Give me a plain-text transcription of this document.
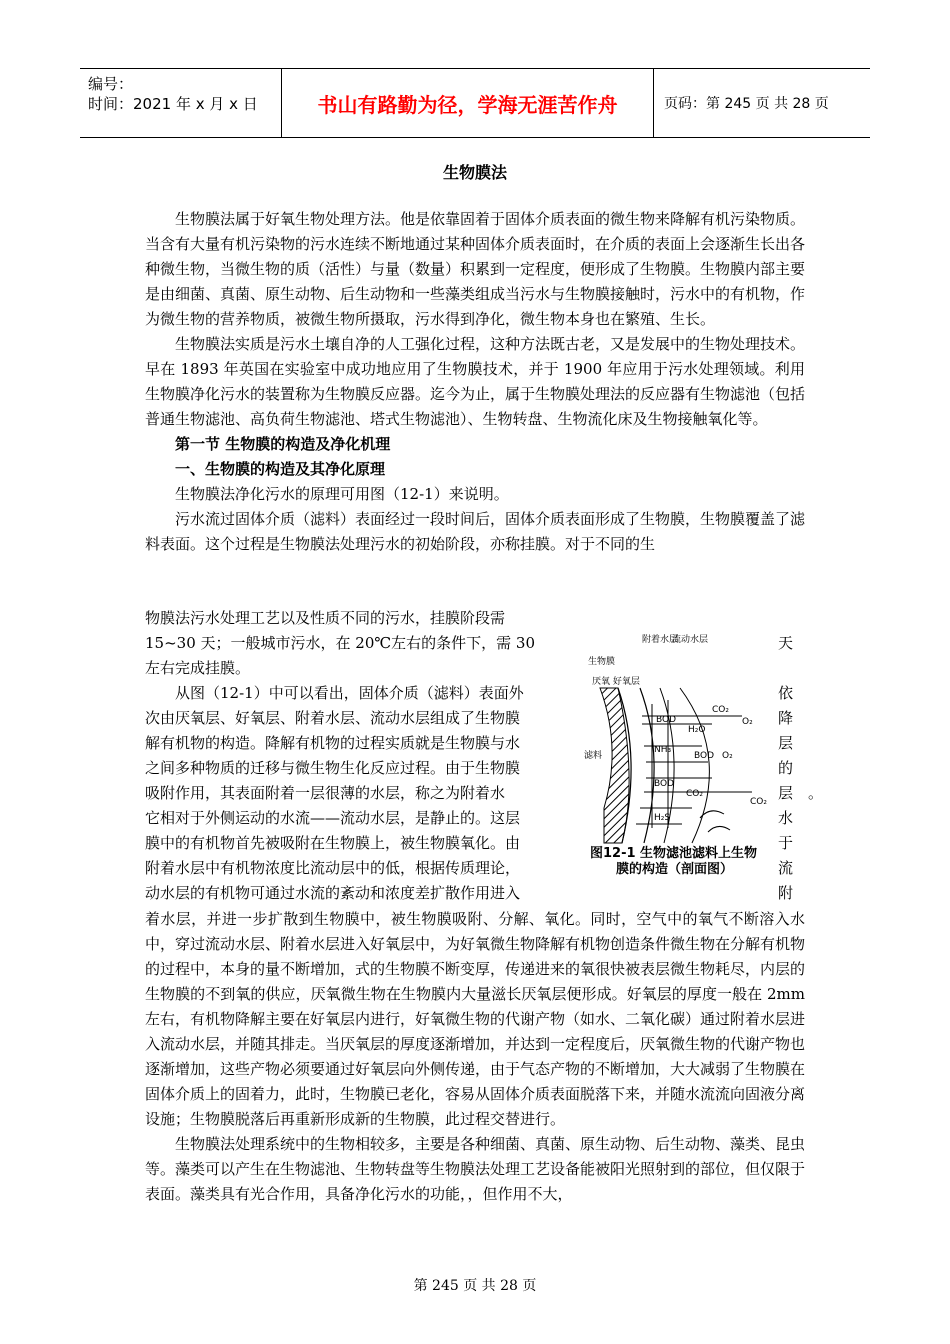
编号：
时间：2021 年 x 月 x 日	书山有路勤为径，学海无涯苦作舟	页码：第 245 页 共 28 页
生物膜法

生物膜法属于好氧生物处理方法。他是依靠固着于固体介质表面的微生物来降解有机污染物质。当含有大量有机污染物的污水连续不断地通过某种固体介质表面时，在介质的表面上会逐渐生长出各种微生物，当微生物的质（活性）与量（数量）积累到一定程度，便形成了生物膜。生物膜内部主要是由细菌、真菌、原生动物、后生动物和一些藻类组成当污水与生物膜接触时，污水中的有机物，作为微生物的营养物质，被微生物所摄取，污水得到净化，微生物本身也在繁殖、生长。

生物膜法实质是污水土壤自净的人工强化过程，这种方法既古老，又是发展中的生物处理技术。早在 1893 年英国在实验室中成功地应用了生物膜技术，并于 1900 年应用于污水处理领域。利用生物膜净化污水的装置称为生物膜反应器。迄今为止，属于生物膜处理法的反应器有生物滤池（包括普通生物滤池、高负荷生物滤池、塔式生物滤池）、生物转盘、生物流化床及生物接触氧化等。

第一节 生物膜的构造及净化机理

一、生物膜的构造及其净化原理

生物膜法净化污水的原理可用图（12-1）来说明。

污水流过固体介质（滤料）表面经过一段时间后，固体介质表面形成了生物膜，生物膜覆盖了滤料表面。这个过程是生物膜法处理污水的初始阶段，亦称挂膜。对于不同的生

物膜法污水处理工艺以及性质不同的污水，挂膜阶段需
15~30 天；一般城市污水，在 20℃左右的条件下，需 30	天
左右完成挂膜。
从图（12-1）中可以看出，固体介质（滤料）表面外	依
次由厌氧层、好氧层、附着水层、流动水层组成了生物膜	降
解有机物的构造。降解有机物的过程实质就是生物膜与水	层
之间多种物质的迁移与微生物生化反应过程。由于生物膜	的
吸附作用，其表面附着一层很薄的水层，称之为附着水	层 。
它相对于外侧运动的水流——流动水层，是静止的。这层	水
膜中的有机物首先被吸附在生物膜上，被生物膜氧化。由	于
附着水层中有机物浓度比流动层中的低，根据传质理论，	流
动水层的有机物可通过水流的紊动和浓度差扩散作用进入	附
附着水层
流动水层
生物膜
厌氧 好氧层
滤料
CO₂
O₂
BOD
H₂O
NH₃
BOD O₂
BOD
CO₂
CO₂
H₂S
图12-1 生物滤池滤料上生物
膜的构造（剖面图）

着水层，并进一步扩散到生物膜中，被生物膜吸附、分解、氧化。同时，空气中的氧气不断溶入水中，穿过流动水层、附着水层进入好氧层中，为好氧微生物降解有机物创造条件微生物在分解有机物的过程中，本身的量不断增加，式的生物膜不断变厚，传递进来的氧很快被表层微生物耗尽，内层的生物膜的不到氧的供应，厌氧微生物在生物膜内大量滋长厌氧层便形成。好氧层的厚度一般在 2mm 左右，有机物降解主要在好氧层内进行，好氧微生物的代谢产物（如水、二氧化碳）通过附着水层进入流动水层，并随其排走。当厌氧层的厚度逐渐增加，并达到一定程度后，厌氧微生物的代谢产物也逐渐增加，这些产物必须要通过好氧层向外侧传递，由于气态产物的不断增加，大大减弱了生物膜在固体介质上的固着力，此时，生物膜已老化，容易从固体介质表面脱落下来，并随水流流向固液分离设施；生物膜脱落后再重新形成新的生物膜，此过程交替进行。

生物膜法处理系统中的生物相较多，主要是各种细菌、真菌、原生动物、后生动物、藻类、昆虫等。藻类可以产生在生物滤池、生物转盘等生物膜法处理工艺设备能被阳光照射到的部位，但仅限于表面。藻类具有光合作用，具备净化污水的功能，，但作用不大，

第 245 页 共 28 页
